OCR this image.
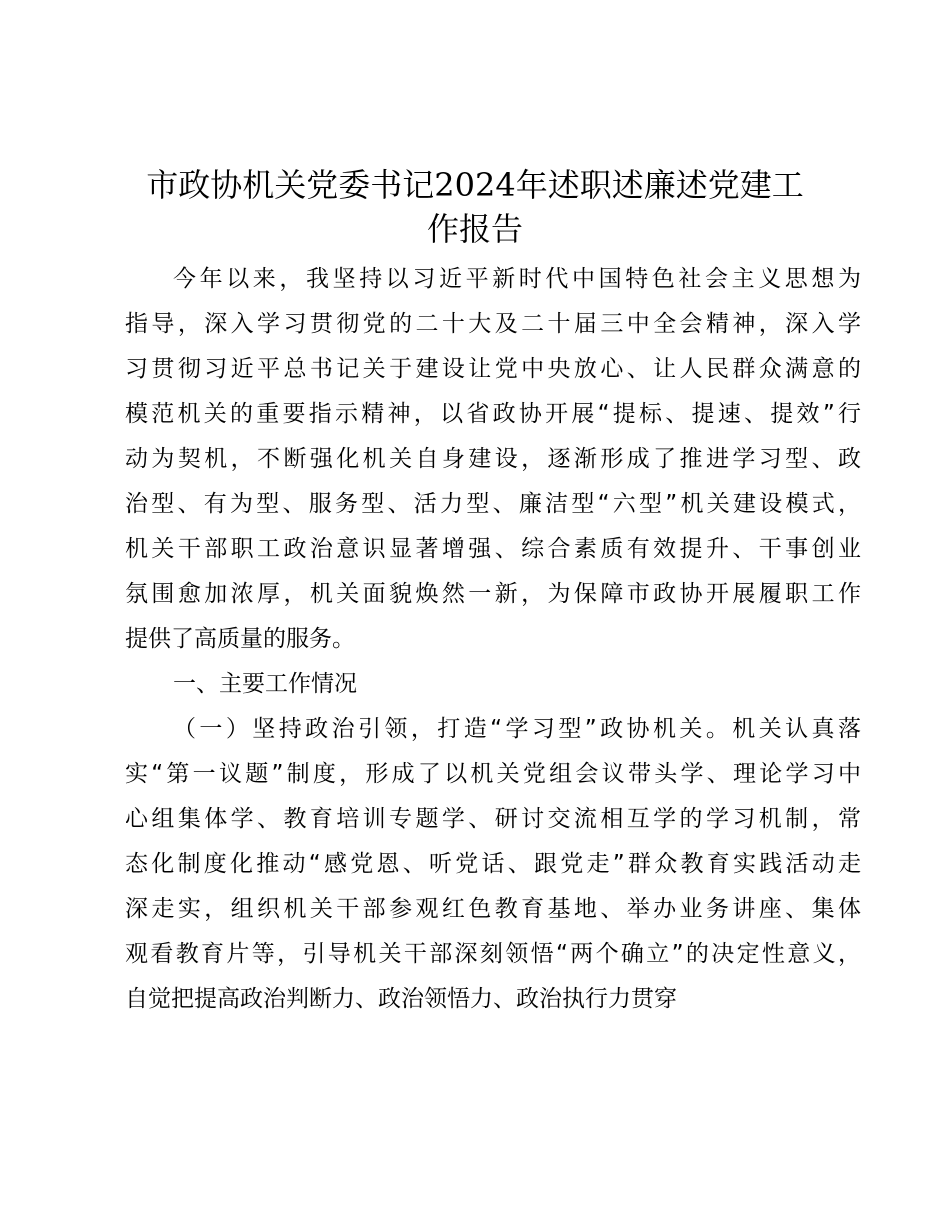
市政协机关党委书记2024年述职述廉述党建工
作报告
今年以来，我坚持以习近平新时代中国特色社会主义思想为
指导，深入学习贯彻党的二十大及二十届三中全会精神，深入学
习贯彻习近平总书记关于建设让党中央放心、让人民群众满意的
模范机关的重要指示精神，以省政协开展“提标、提速、提效”行
动为契机，不断强化机关自身建设，逐渐形成了推进学习型、政
治型、有为型、服务型、活力型、廉洁型“六型”机关建设模式，
机关干部职工政治意识显著增强、综合素质有效提升、干事创业
氛围愈加浓厚，机关面貌焕然一新，为保障市政协开展履职工作
提供了高质量的服务。
一、主要工作情况
（一）坚持政治引领，打造“学习型”政协机关。机关认真落
实“第一议题”制度，形成了以机关党组会议带头学、理论学习中
心组集体学、教育培训专题学、研讨交流相互学的学习机制，常
态化制度化推动“感党恩、听党话、跟党走”群众教育实践活动走
深走实，组织机关干部参观红色教育基地、举办业务讲座、集体
观看教育片等，引导机关干部深刻领悟“两个确立”的决定性意义，
自觉把提高政治判断力、政治领悟力、政治执行力贯穿
